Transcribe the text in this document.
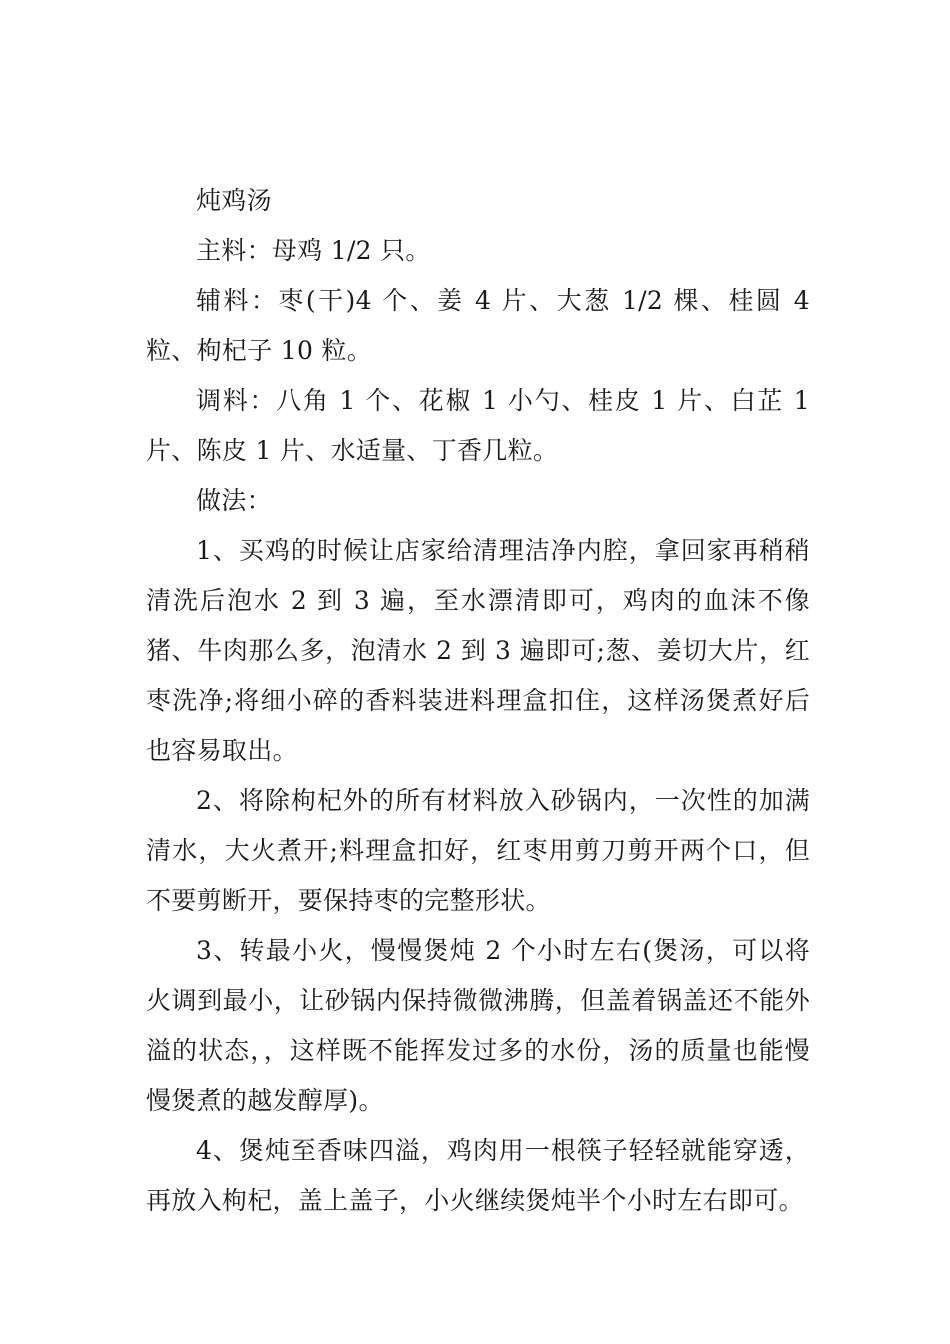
炖鸡汤

主料：母鸡 1/2 只。

辅料：枣(干)4 个、姜 4 片、大葱 1/2 棵、桂圆 4 粒、枸杞子 10 粒。

调料：八角 1 个、花椒 1 小勺、桂皮 1 片、白芷 1 片、陈皮 1 片、水适量、丁香几粒。

做法：

1、买鸡的时候让店家给清理洁净内腔，拿回家再稍稍清洗后泡水 2 到 3 遍，至水漂清即可，鸡肉的血沫不像猪、牛肉那么多，泡清水 2 到 3 遍即可;葱、姜切大片，红枣洗净;将细小碎的香料装进料理盒扣住，这样汤煲煮好后也容易取出。

2、将除枸杞外的所有材料放入砂锅内，一次性的加满清水，大火煮开;料理盒扣好，红枣用剪刀剪开两个口，但不要剪断开，要保持枣的完整形状。

3、转最小火，慢慢煲炖 2 个小时左右(煲汤，可以将火调到最小，让砂锅内保持微微沸腾，但盖着锅盖还不能外溢的状态，，这样既不能挥发过多的水份，汤的质量也能慢慢煲煮的越发醇厚)。

4、煲炖至香味四溢，鸡肉用一根筷子轻轻就能穿透，再放入枸杞，盖上盖子，小火继续煲炖半个小时左右即可。
